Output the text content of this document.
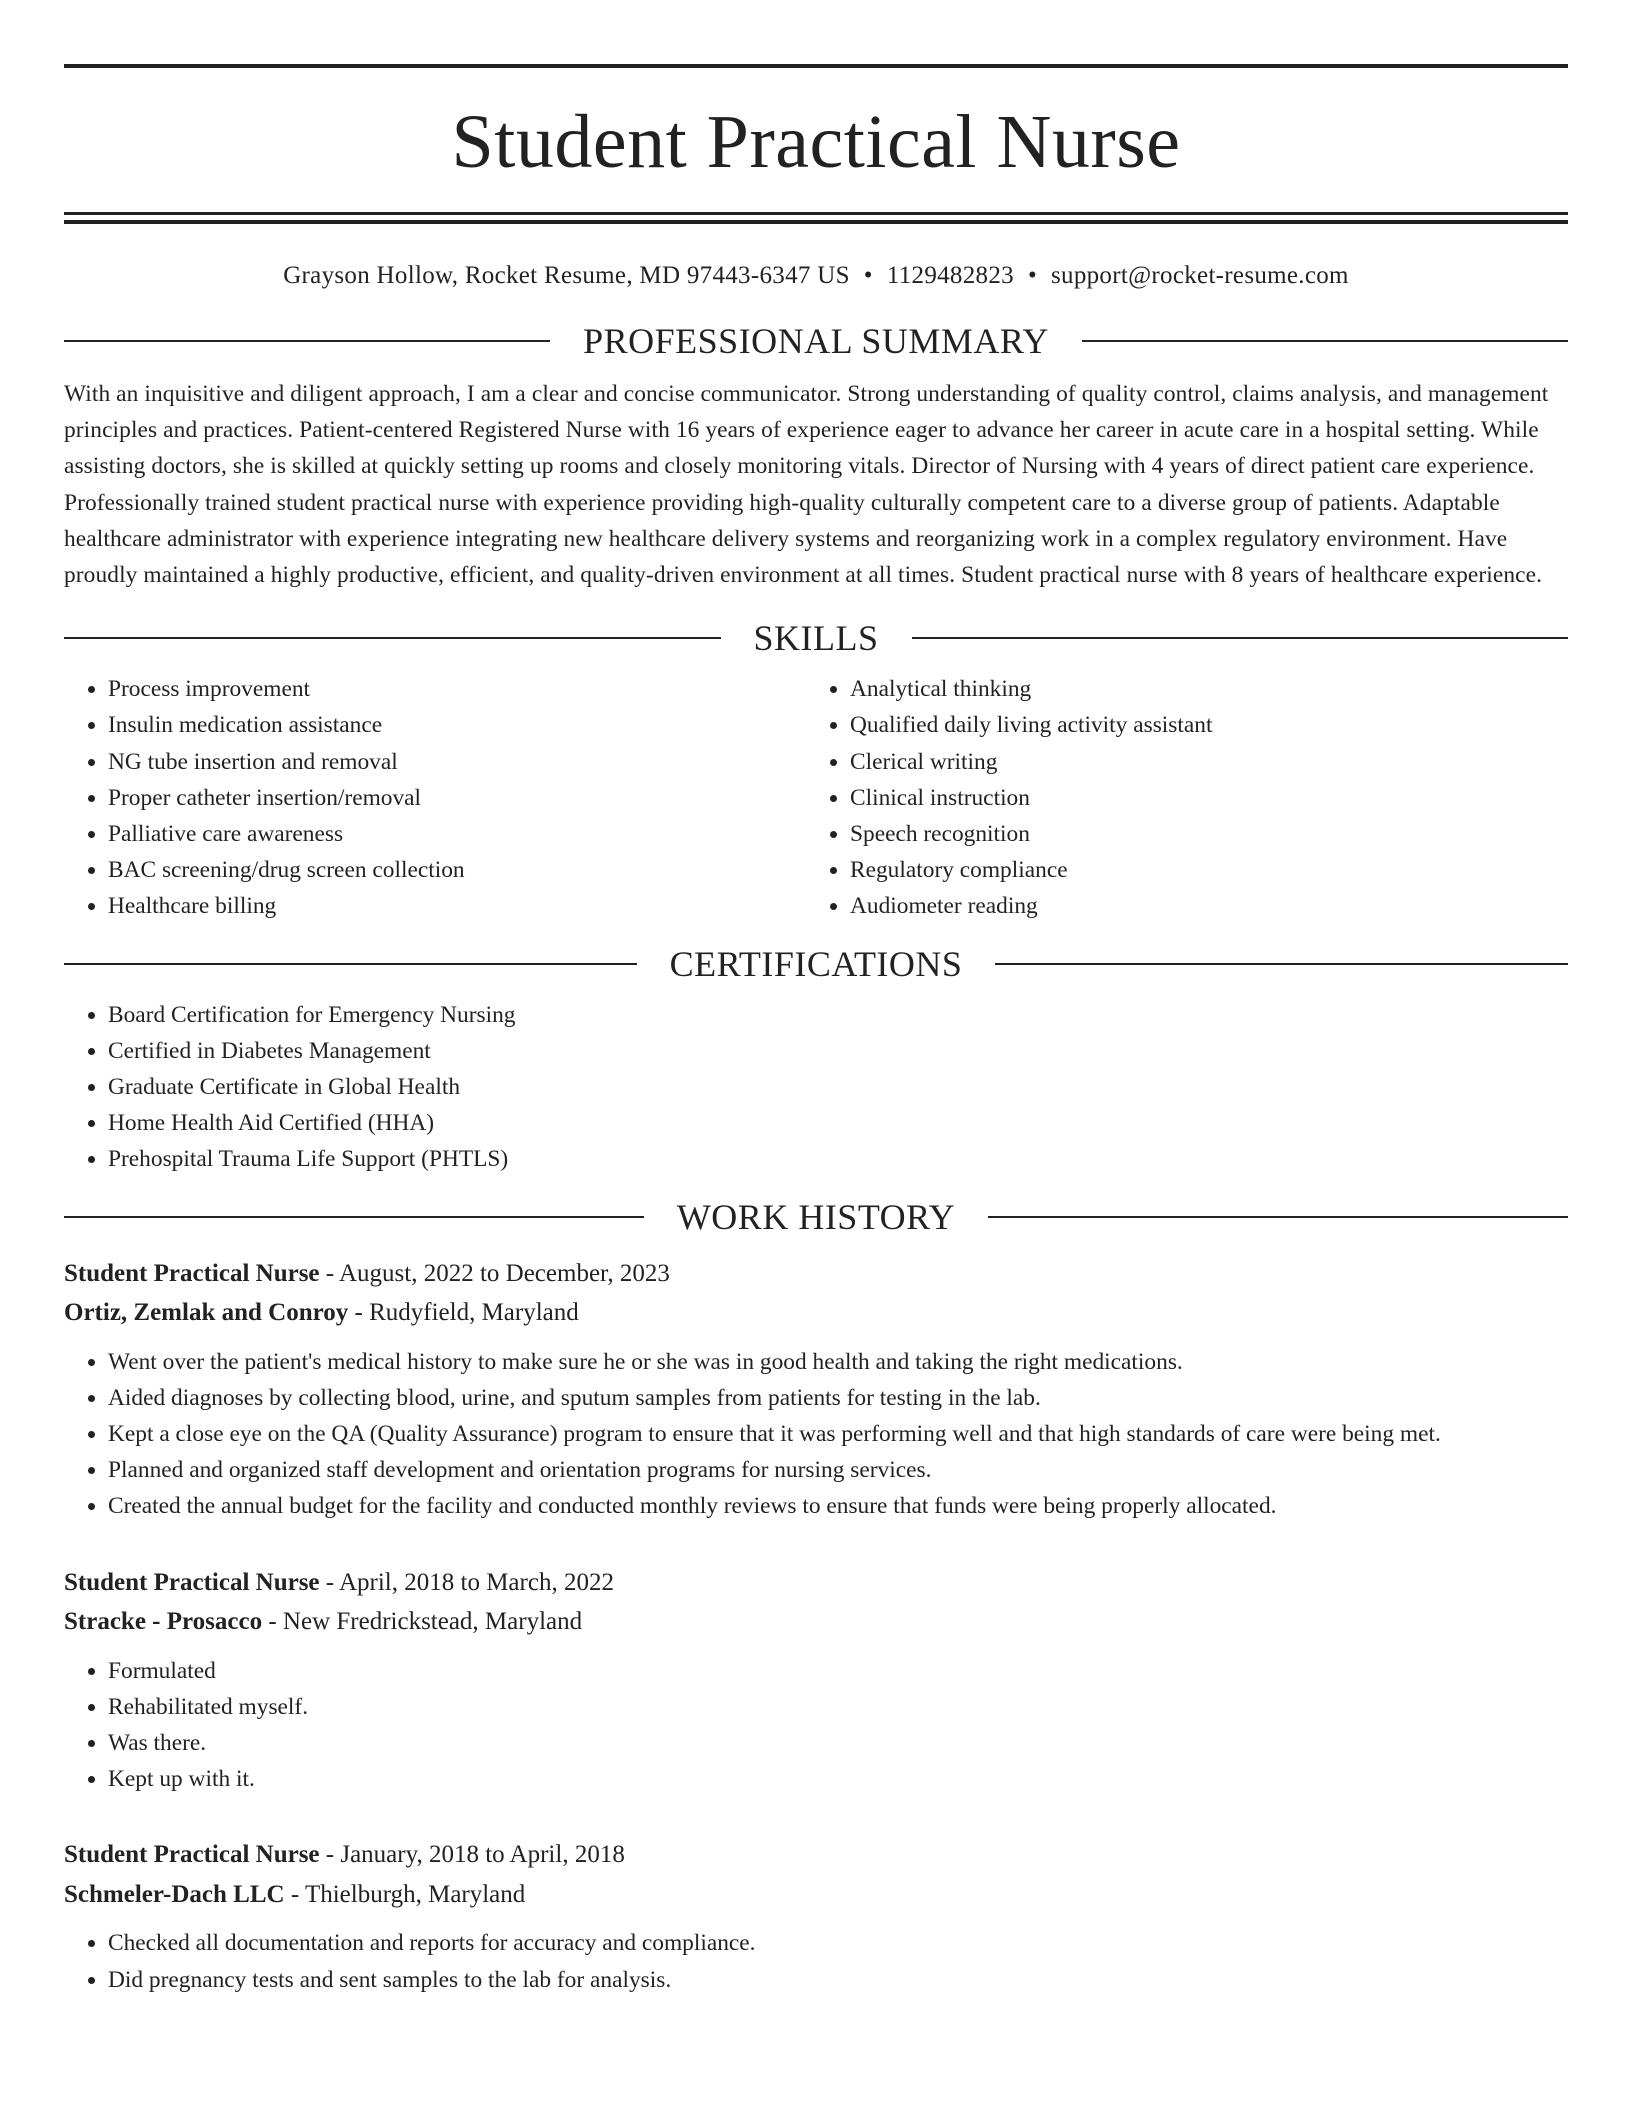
Student Practical Nurse
Grayson Hollow, Rocket Resume, MD 97443-6347 US • 1129482823 • support@rocket-resume.com
PROFESSIONAL SUMMARY
With an inquisitive and diligent approach, I am a clear and concise communicator. Strong understanding of quality control, claims analysis, and management principles and practices. Patient-centered Registered Nurse with 16 years of experience eager to advance her career in acute care in a hospital setting. While assisting doctors, she is skilled at quickly setting up rooms and closely monitoring vitals. Director of Nursing with 4 years of direct patient care experience. Professionally trained student practical nurse with experience providing high-quality culturally competent care to a diverse group of patients. Adaptable healthcare administrator with experience integrating new healthcare delivery systems and reorganizing work in a complex regulatory environment. Have proudly maintained a highly productive, efficient, and quality-driven environment at all times. Student practical nurse with 8 years of healthcare experience.
SKILLS
• Process improvement
• Insulin medication assistance
• NG tube insertion and removal
• Proper catheter insertion/removal
• Palliative care awareness
• BAC screening/drug screen collection
• Healthcare billing
• Analytical thinking
• Qualified daily living activity assistant
• Clerical writing
• Clinical instruction
• Speech recognition
• Regulatory compliance
• Audiometer reading
CERTIFICATIONS
• Board Certification for Emergency Nursing
• Certified in Diabetes Management
• Graduate Certificate in Global Health
• Home Health Aid Certified (HHA)
• Prehospital Trauma Life Support (PHTLS)
WORK HISTORY
Student Practical Nurse - August, 2022 to December, 2023
Ortiz, Zemlak and Conroy - Rudyfield, Maryland
• Went over the patient's medical history to make sure he or she was in good health and taking the right medications.
• Aided diagnoses by collecting blood, urine, and sputum samples from patients for testing in the lab.
• Kept a close eye on the QA (Quality Assurance) program to ensure that it was performing well and that high standards of care were being met.
• Planned and organized staff development and orientation programs for nursing services.
• Created the annual budget for the facility and conducted monthly reviews to ensure that funds were being properly allocated.
Student Practical Nurse - April, 2018 to March, 2022
Stracke - Prosacco - New Fredrickstead, Maryland
• Formulated
• Rehabilitated myself.
• Was there.
• Kept up with it.
Student Practical Nurse - January, 2018 to April, 2018
Schmeler-Dach LLC - Thielburgh, Maryland
• Checked all documentation and reports for accuracy and compliance.
• Did pregnancy tests and sent samples to the lab for analysis.
